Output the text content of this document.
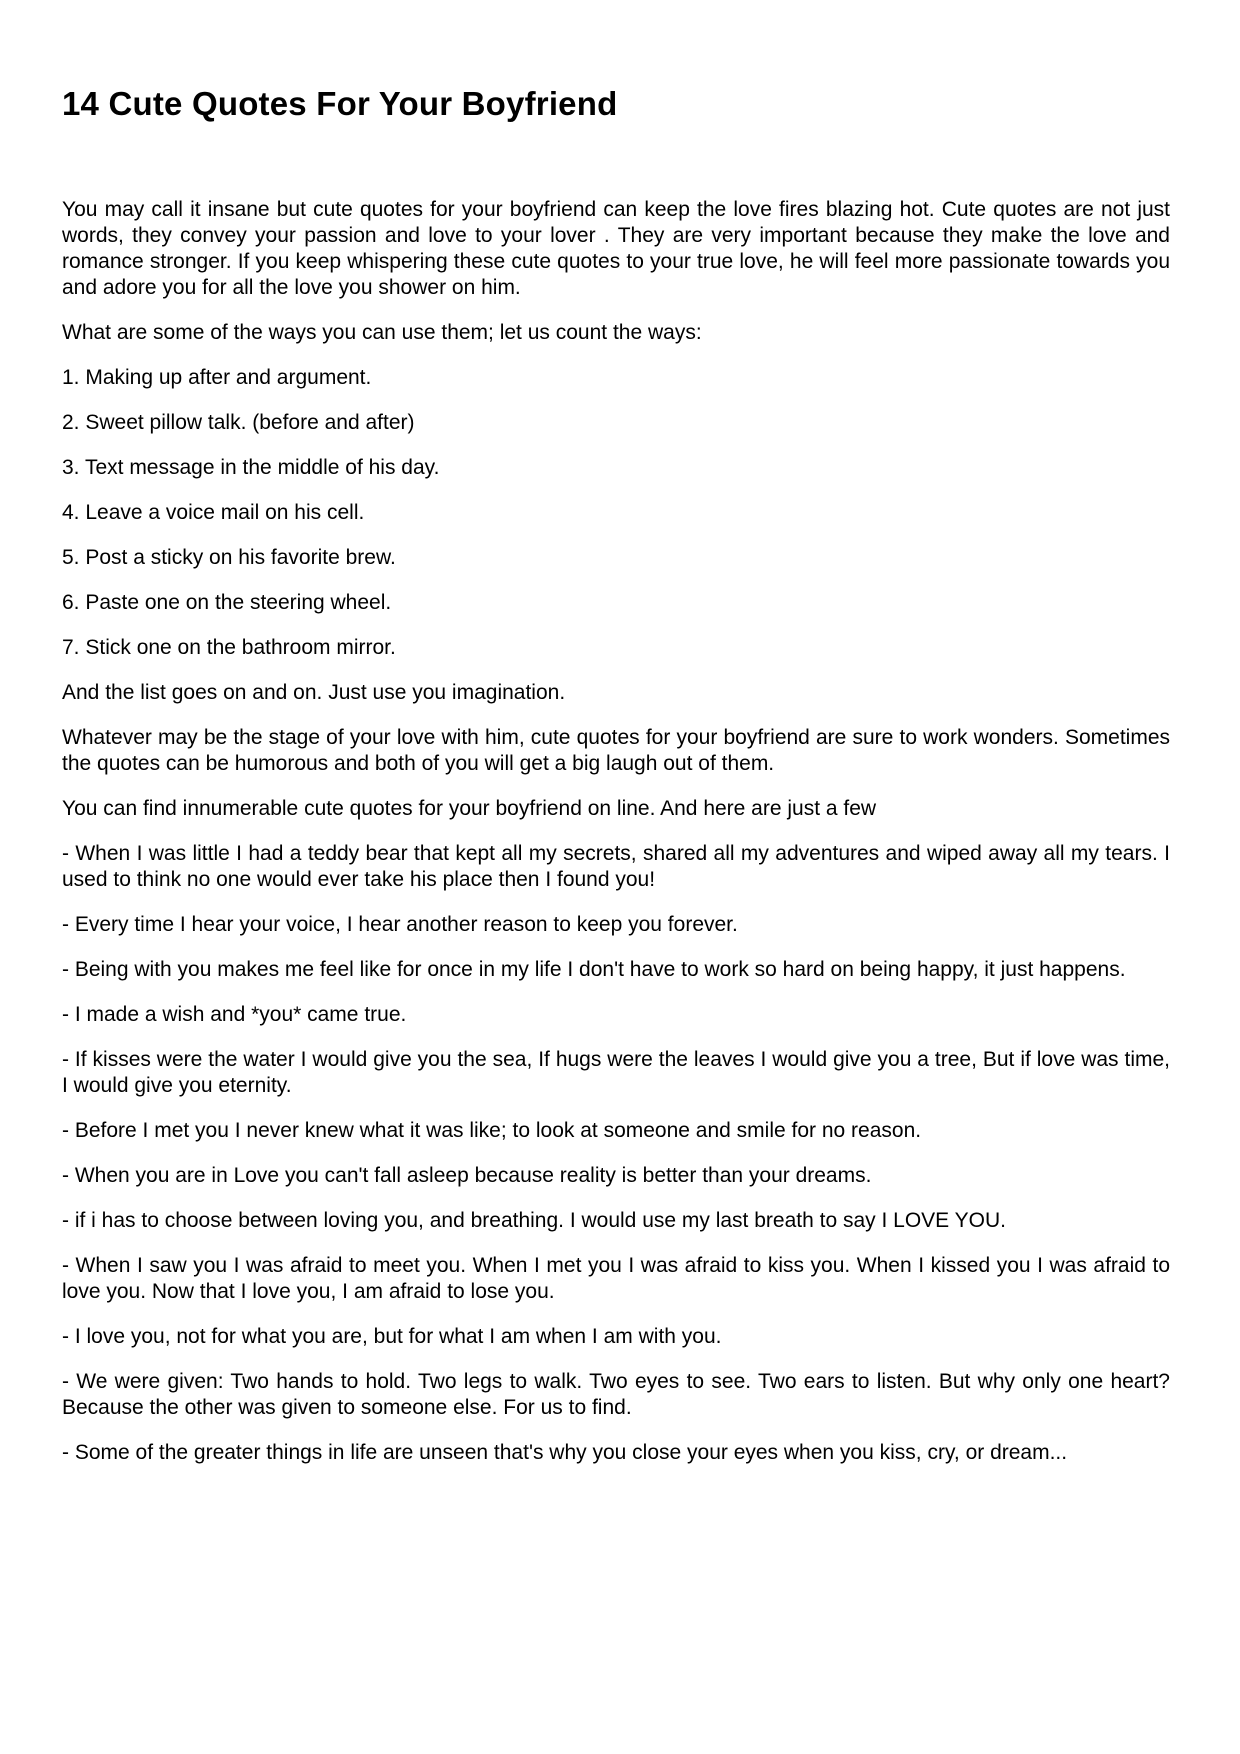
14 Cute Quotes For Your Boyfriend

You may call it insane but cute quotes for your boyfriend can keep the love fires blazing hot. Cute quotes are not just words, they convey your passion and love to your lover . They are very important because they make the love and romance stronger. If you keep whispering these cute quotes to your true love, he will feel more passionate towards you and adore you for all the love you shower on him.

What are some of the ways you can use them; let us count the ways:

1. Making up after and argument.

2. Sweet pillow talk. (before and after)

3. Text message in the middle of his day.

4. Leave a voice mail on his cell.

5. Post a sticky on his favorite brew.

6. Paste one on the steering wheel.

7. Stick one on the bathroom mirror.

And the list goes on and on. Just use you imagination.

Whatever may be the stage of your love with him, cute quotes for your boyfriend are sure to work wonders. Sometimes the quotes can be humorous and both of you will get a big laugh out of them.

You can find innumerable cute quotes for your boyfriend on line. And here are just a few

- When I was little I had a teddy bear that kept all my secrets, shared all my adventures and wiped away all my tears. I used to think no one would ever take his place then I found you!

- Every time I hear your voice, I hear another reason to keep you forever.

- Being with you makes me feel like for once in my life I don't have to work so hard on being happy, it just happens.

- I made a wish and *you* came true.

- If kisses were the water I would give you the sea, If hugs were the leaves I would give you a tree, But if love was time, I would give you eternity.

- Before I met you I never knew what it was like; to look at someone and smile for no reason.

- When you are in Love you can't fall asleep because reality is better than your dreams.

- if i has to choose between loving you, and breathing. I would use my last breath to say I LOVE YOU.

- When I saw you I was afraid to meet you. When I met you I was afraid to kiss you. When I kissed you I was afraid to love you. Now that I love you, I am afraid to lose you.

- I love you, not for what you are, but for what I am when I am with you.

- We were given: Two hands to hold. Two legs to walk. Two eyes to see. Two ears to listen. But why only one heart? Because the other was given to someone else. For us to find.

- Some of the greater things in life are unseen that's why you close your eyes when you kiss, cry, or dream...
